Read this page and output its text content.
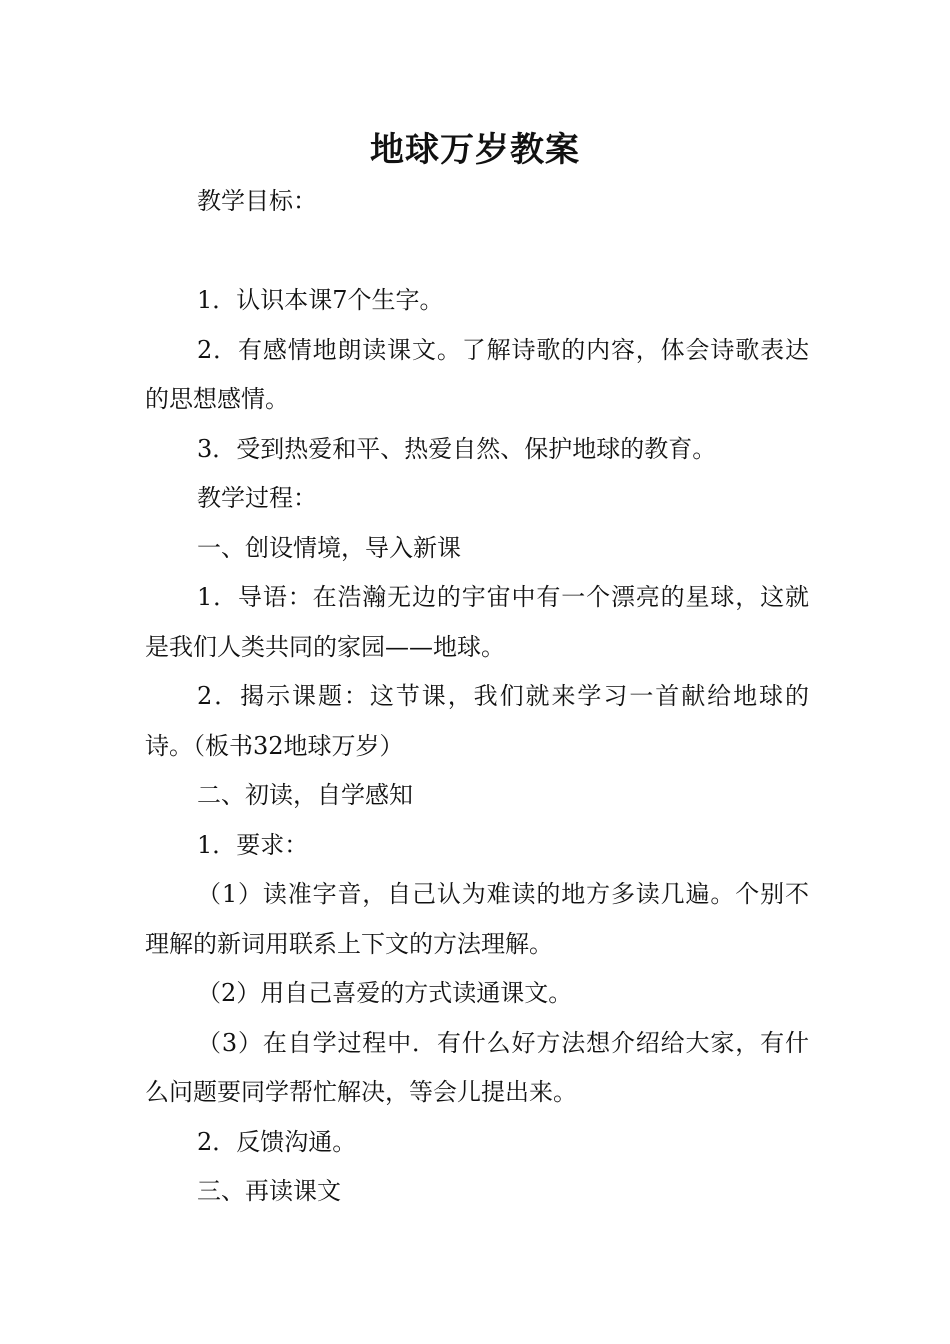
地球万岁教案

教学目标：

1．认识本课7个生字。

2．有感情地朗读课文。了解诗歌的内容，体会诗歌表达的思想感情。

3．受到热爱和平、热爱自然、保护地球的教育。

教学过程：

一、创设情境，导入新课

1．导语：在浩瀚无边的宇宙中有一个漂亮的星球，这就是我们人类共同的家园——地球。

2．揭示课题：这节课，我们就来学习一首献给地球的诗。（板书32地球万岁）

二、初读，自学感知

1．要求：

（1）读准字音，自己认为难读的地方多读几遍。个别不理解的新词用联系上下文的方法理解。

（2）用自己喜爱的方式读通课文。

（3）在自学过程中．有什么好方法想介绍给大家，有什么问题要同学帮忙解决，等会儿提出来。

2．反馈沟通。

三、再读课文
